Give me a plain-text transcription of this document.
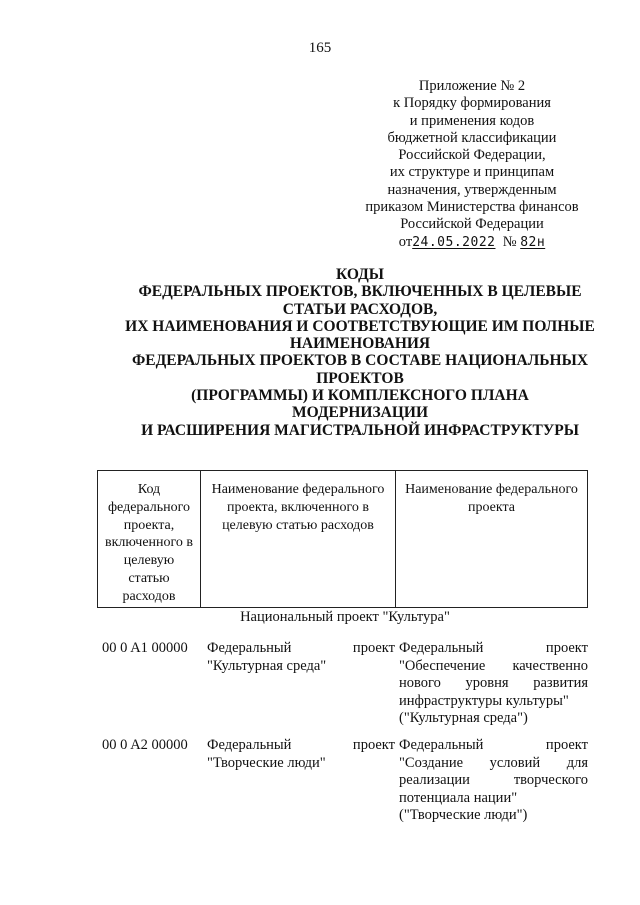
165
Приложение № 2
к Порядку формирования
и применения кодов
бюджетной классификации
Российской Федерации,
их структуре и принципам
назначения, утвержденным
приказом Министерства финансов
Российской Федерации
от24.05.2022 № 82н
КОДЫ
ФЕДЕРАЛЬНЫХ ПРОЕКТОВ, ВКЛЮЧЕННЫХ В ЦЕЛЕВЫЕ
СТАТЬИ РАСХОДОВ,
ИХ НАИМЕНОВАНИЯ И СООТВЕТСТВУЮЩИЕ ИМ ПОЛНЫЕ
НАИМЕНОВАНИЯ
ФЕДЕРАЛЬНЫХ ПРОЕКТОВ В СОСТАВЕ НАЦИОНАЛЬНЫХ
ПРОЕКТОВ
(ПРОГРАММЫ) И КОМПЛЕКСНОГО ПЛАНА
МОДЕРНИЗАЦИИ
И РАСШИРЕНИЯ МАГИСТРАЛЬНОЙ ИНФРАСТРУКТУРЫ
Код федерального проекта, включенного в целевую статью расходов
Наименование федерального проекта, включенного в целевую статью расходов
Наименование федерального проекта
Национальный проект "Культура"
00 0 A1 00000 Федеральный проект "Культурная среда"
Федеральный проект "Обеспечение качественно нового уровня развития инфраструктуры культуры"
("Культурная среда")
00 0 A2 00000 Федеральный проект "Творческие люди"
Федеральный проект "Создание условий для реализации творческого потенциала нации"
("Творческие люди")
